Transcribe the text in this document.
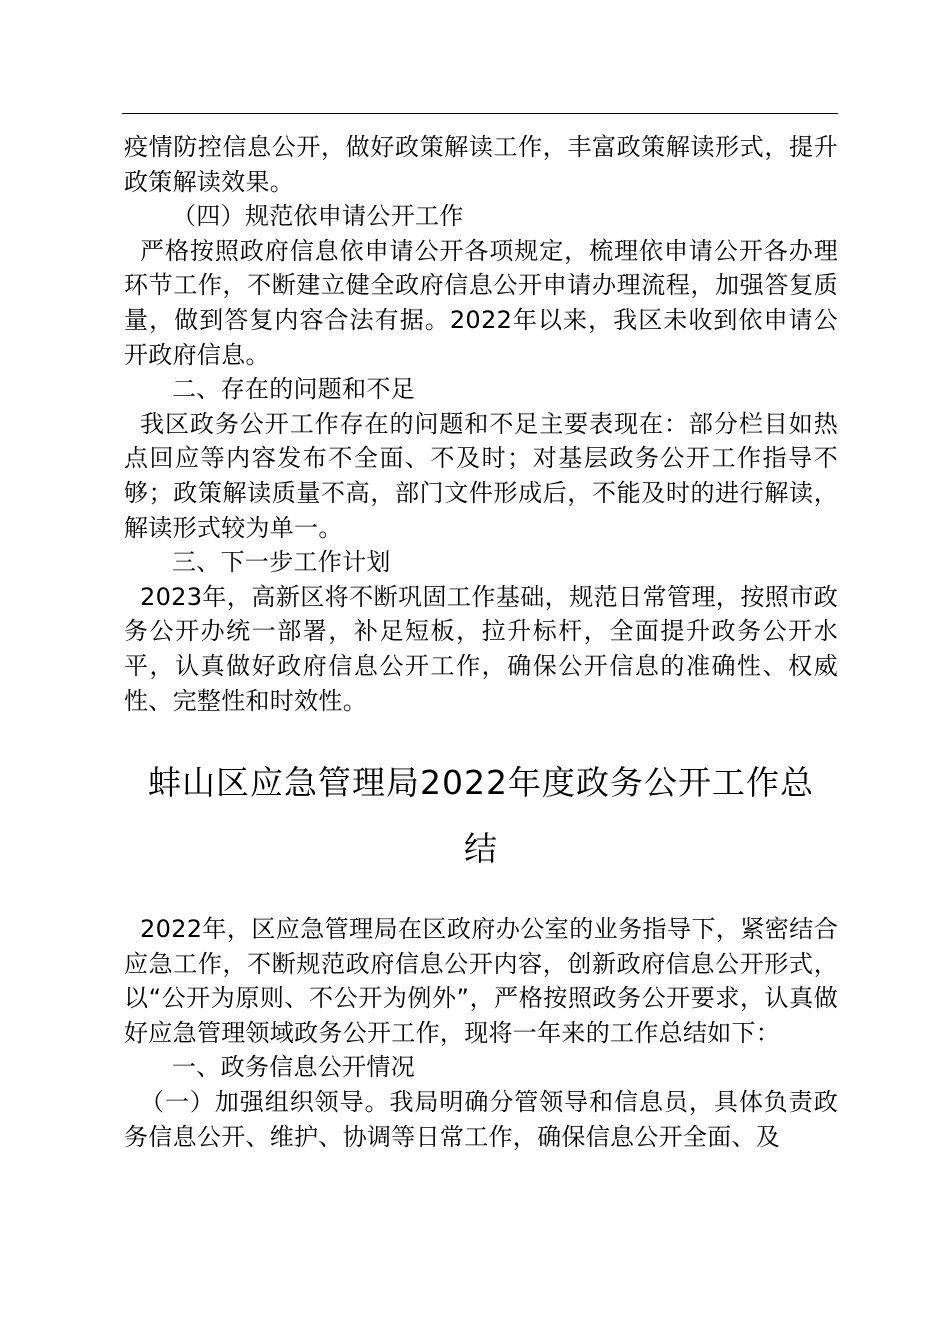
疫情防控信息公开，做好政策解读工作，丰富政策解读形式，提升政策解读效果。

（四）规范依申请公开工作

严格按照政府信息依申请公开各项规定，梳理依申请公开各办理环节工作，不断建立健全政府信息公开申请办理流程，加强答复质量，做到答复内容合法有据。2022年以来，我区未收到依申请公开政府信息。

二、存在的问题和不足

我区政务公开工作存在的问题和不足主要表现在：部分栏目如热点回应等内容发布不全面、不及时；对基层政务公开工作指导不够；政策解读质量不高，部门文件形成后，不能及时的进行解读，解读形式较为单一。

三、下一步工作计划

2023年，高新区将不断巩固工作基础，规范日常管理，按照市政务公开办统一部署，补足短板，拉升标杆，全面提升政务公开水平，认真做好政府信息公开工作，确保公开信息的准确性、权威性、完整性和时效性。

蚌山区应急管理局2022年度政务公开工作总
结

2022年，区应急管理局在区政府办公室的业务指导下，紧密结合应急工作，不断规范政府信息公开内容，创新政府信息公开形式，以“公开为原则、不公开为例外”，严格按照政务公开要求，认真做好应急管理领域政务公开工作，现将一年来的工作总结如下：

一、政务信息公开情况

（一）加强组织领导。我局明确分管领导和信息员，具体负责政务信息公开、维护、协调等日常工作，确保信息公开全面、及
